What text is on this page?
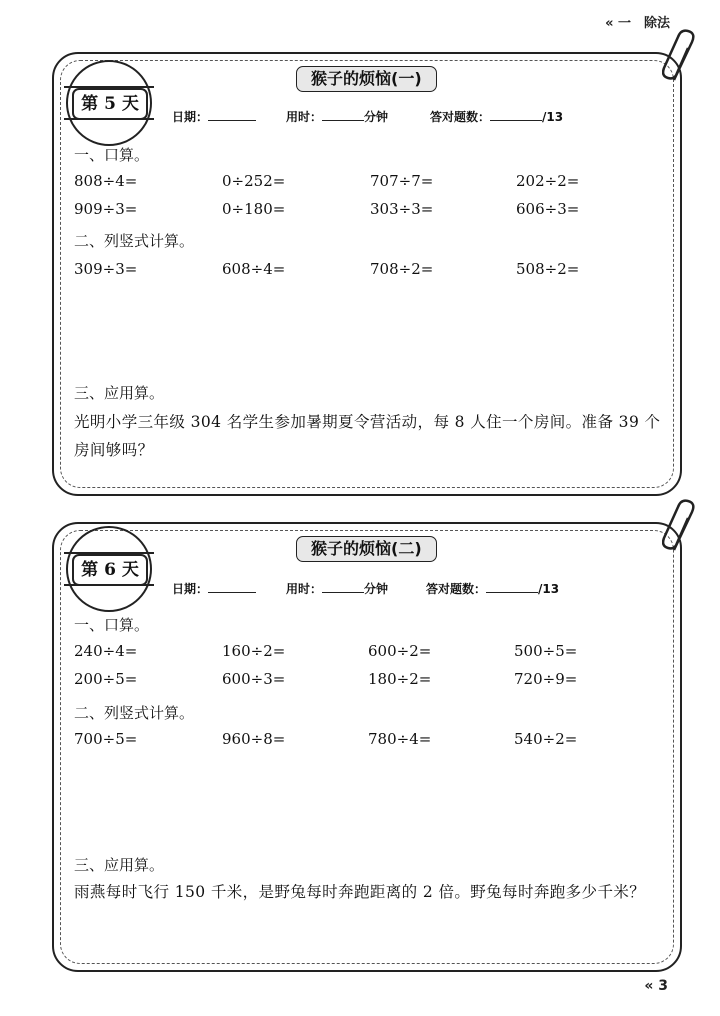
« 一　除法
猴子的烦恼(一)
第 5 天
日期：	用时：	分钟	答对题数：	/13
一、口算。
808÷4=	0÷252=	707÷7=	202÷2=
909÷3=	0÷180=	303÷3=	606÷3=
二、列竖式计算。
309÷3=	608÷4=	708÷2=	508÷2=
三、应用算。
光明小学三年级 304 名学生参加暑期夏令营活动，每 8 人住一个房间。准备 39 个房间够吗？
猴子的烦恼(二)
第 6 天
日期：	用时：	分钟	答对题数：	/13
一、口算。
240÷4=	160÷2=	600÷2=	500÷5=
200÷5=	600÷3=	180÷2=	720÷9=
二、列竖式计算。
700÷5=	960÷8=	780÷4=	540÷2=
三、应用算。
雨燕每时飞行 150 千米，是野兔每时奔跑距离的 2 倍。野兔每时奔跑多少千米？
« 3
